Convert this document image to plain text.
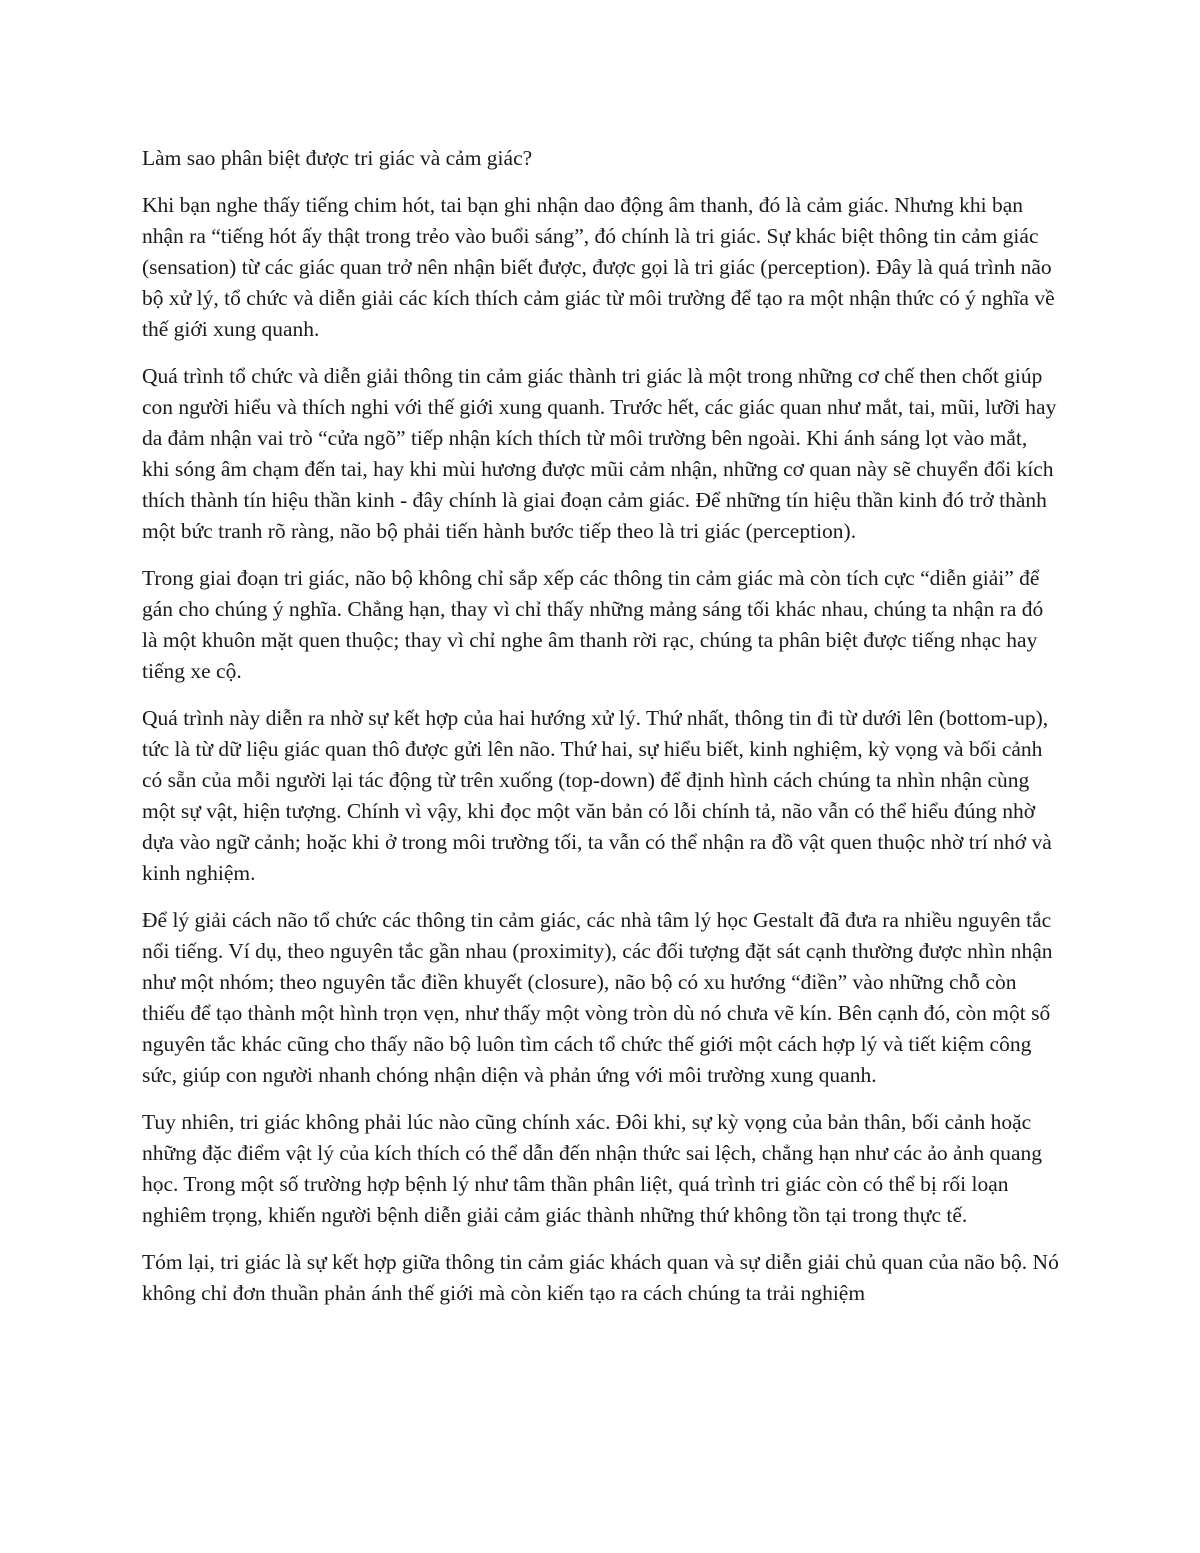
Làm sao phân biệt được tri giác và cảm giác?

Khi bạn nghe thấy tiếng chim hót, tai bạn ghi nhận dao động âm thanh, đó là cảm giác. Nhưng khi bạn nhận ra “tiếng hót ấy thật trong trẻo vào buổi sáng”, đó chính là tri giác. Sự khác biệt thông tin cảm giác (sensation) từ các giác quan trở nên nhận biết được, được gọi là tri giác (perception). Đây là quá trình não bộ xử lý, tổ chức và diễn giải các kích thích cảm giác từ môi trường để tạo ra một nhận thức có ý nghĩa về thế giới xung quanh.

Quá trình tổ chức và diễn giải thông tin cảm giác thành tri giác là một trong những cơ chế then chốt giúp con người hiểu và thích nghi với thế giới xung quanh. Trước hết, các giác quan như mắt, tai, mũi, lưỡi hay da đảm nhận vai trò “cửa ngõ” tiếp nhận kích thích từ môi trường bên ngoài. Khi ánh sáng lọt vào mắt, khi sóng âm chạm đến tai, hay khi mùi hương được mũi cảm nhận, những cơ quan này sẽ chuyển đổi kích thích thành tín hiệu thần kinh - đây chính là giai đoạn cảm giác. Để những tín hiệu thần kinh đó trở thành một bức tranh rõ ràng, não bộ phải tiến hành bước tiếp theo là tri giác (perception).

Trong giai đoạn tri giác, não bộ không chỉ sắp xếp các thông tin cảm giác mà còn tích cực “diễn giải” để gán cho chúng ý nghĩa. Chẳng hạn, thay vì chỉ thấy những mảng sáng tối khác nhau, chúng ta nhận ra đó là một khuôn mặt quen thuộc; thay vì chỉ nghe âm thanh rời rạc, chúng ta phân biệt được tiếng nhạc hay tiếng xe cộ.

Quá trình này diễn ra nhờ sự kết hợp của hai hướng xử lý. Thứ nhất, thông tin đi từ dưới lên (bottom-up), tức là từ dữ liệu giác quan thô được gửi lên não. Thứ hai, sự hiểu biết, kinh nghiệm, kỳ vọng và bối cảnh có sẵn của mỗi người lại tác động từ trên xuống (top-down) để định hình cách chúng ta nhìn nhận cùng một sự vật, hiện tượng. Chính vì vậy, khi đọc một văn bản có lỗi chính tả, não vẫn có thể hiểu đúng nhờ dựa vào ngữ cảnh; hoặc khi ở trong môi trường tối, ta vẫn có thể nhận ra đồ vật quen thuộc nhờ trí nhớ và kinh nghiệm.

Để lý giải cách não tổ chức các thông tin cảm giác, các nhà tâm lý học Gestalt đã đưa ra nhiều nguyên tắc nổi tiếng. Ví dụ, theo nguyên tắc gần nhau (proximity), các đối tượng đặt sát cạnh thường được nhìn nhận như một nhóm; theo nguyên tắc điền khuyết (closure), não bộ có xu hướng “điền” vào những chỗ còn thiếu để tạo thành một hình trọn vẹn, như thấy một vòng tròn dù nó chưa vẽ kín. Bên cạnh đó, còn một số nguyên tắc khác cũng cho thấy não bộ luôn tìm cách tổ chức thế giới một cách hợp lý và tiết kiệm công sức, giúp con người nhanh chóng nhận diện và phản ứng với môi trường xung quanh.

Tuy nhiên, tri giác không phải lúc nào cũng chính xác. Đôi khi, sự kỳ vọng của bản thân, bối cảnh hoặc những đặc điểm vật lý của kích thích có thể dẫn đến nhận thức sai lệch, chẳng hạn như các ảo ảnh quang học. Trong một số trường hợp bệnh lý như tâm thần phân liệt, quá trình tri giác còn có thể bị rối loạn nghiêm trọng, khiến người bệnh diễn giải cảm giác thành những thứ không tồn tại trong thực tế.

Tóm lại, tri giác là sự kết hợp giữa thông tin cảm giác khách quan và sự diễn giải chủ quan của não bộ. Nó không chỉ đơn thuần phản ánh thế giới mà còn kiến tạo ra cách chúng ta trải nghiệm
